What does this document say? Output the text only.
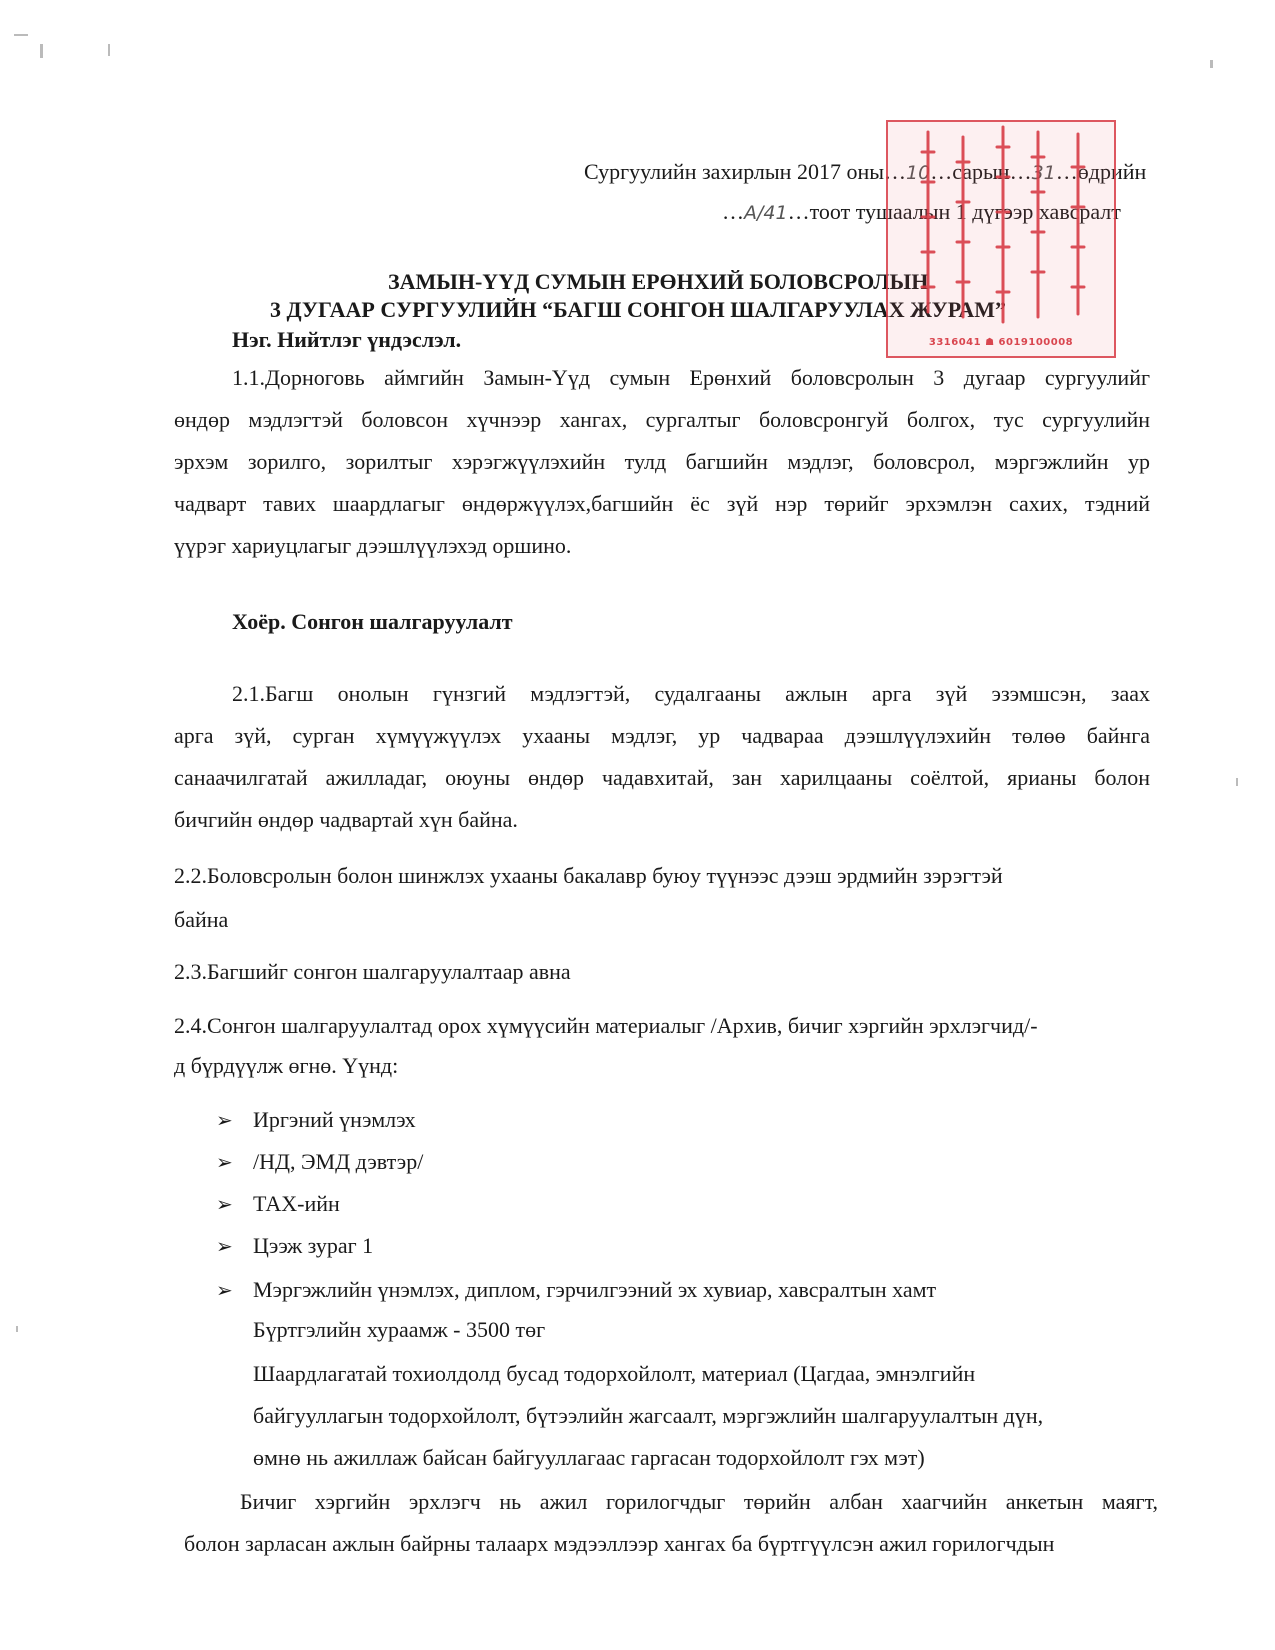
Сургуулийн захирлын 2017 оны…10…сарын…31…өдрийн
…А/41…тоот тушаалын 1 дүгээр хавсралт
ЗАМЫН-ҮҮД СУМЫН ЕРӨНХИЙ БОЛОВСРОЛЫН
3 ДУГААР СУРГУУЛИЙН “БАГШ СОНГОН ШАЛГАРУУЛАХ ЖУРАМ”
Нэг. Нийтлэг үндэслэл.
1.1.Дорноговь аймгийн Замын-Үүд сумын Ерөнхий боловсролын 3 дугаар сургуулийг
өндөр мэдлэгтэй боловсон хүчнээр хангах, сургалтыг боловсронгуй болгох, тус сургуулийн
эрхэм зорилго, зорилтыг хэрэгжүүлэхийн тулд багшийн мэдлэг, боловсрол, мэргэжлийн ур
чадварт тавих шаардлагыг өндөржүүлэх,багшийн ёс зүй нэр төрийг эрхэмлэн сахих, тэдний
үүрэг хариуцлагыг дээшлүүлэхэд оршино.
Хоёр. Сонгон шалгаруулалт
2.1.Багш онолын гүнзгий мэдлэгтэй, судалгааны ажлын арга зүй эзэмшсэн, заах
арга зүй, сурган хүмүүжүүлэх ухааны мэдлэг, ур чадвараа дээшлүүлэхийн төлөө байнга
санаачилгатай ажилладаг, оюуны өндөр чадавхитай, зан харилцааны соёлтой, ярианы болон
бичгийн өндөр чадвартай хүн байна.
2.2.Боловсролын болон шинжлэх ухааны бакалавр буюу түүнээс дээш эрдмийн зэрэгтэй
байна
2.3.Багшийг сонгон шалгаруулалтаар авна
2.4.Сонгон шалгаруулалтад орох хүмүүсийн материалыг /Архив, бичиг хэргийн эрхлэгчид/-
д бүрдүүлж өгнө. Үүнд:
➢ Иргэний үнэмлэх
➢ /НД, ЭМД дэвтэр/
➢ ТАХ-ийн
➢ Цээж зураг 1
➢ Мэргэжлийн үнэмлэх, диплом, гэрчилгээний эх хувиар, хавсралтын хамт
Бүртгэлийн хураамж - 3500 төг
Шаардлагатай тохиолдолд бусад тодорхойлолт, материал (Цагдаа, эмнэлгийн
байгууллагын тодорхойлолт, бүтээлийн жагсаалт, мэргэжлийн шалгаруулалтын дүн,
өмнө нь ажиллаж байсан байгууллагаас гаргасан тодорхойлолт гэх мэт)
Бичиг хэргийн эрхлэгч нь ажил горилогчдыг төрийн албан хаагчийн анкетын маягт,
болон зарласан ажлын байрны талаарх мэдээллээр хангах ба бүртгүүлсэн ажил горилогчдын
3316041 ☗ 6019100008
